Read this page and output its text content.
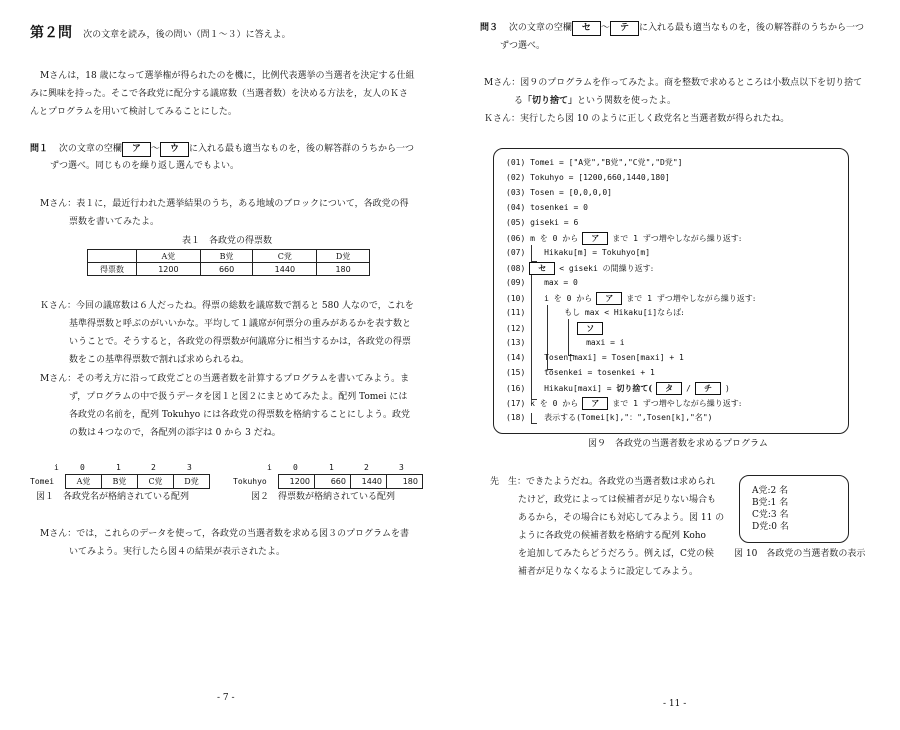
第２問 次の文章を読み，後の問い（問１～３）に答えよ。
Mさんは，18 歳になって選挙権が得られたのを機に，比例代表選挙の当選者を決定する仕組
みに興味を持った。そこで各政党に配分する議席数（当選者数）を決める方法を，友人のＫさ
んとプログラムを用いて検討してみることにした。
問１ 次の文章の空欄 ア ～ ウ に入れる最も適当なものを，後の解答群のうちから一つ
ずつ選べ。同じものを繰り返し選んでもよい。
Mさん：表１に，最近行われた選挙結果のうち，ある地域のブロックについて，各政党の得
票数を書いてみたよ。
表１　各政党の得票数
	A党	B党	C党	D党
得票数	1200	660	1440	180
Ｋさん：今回の議席数は６人だったね。得票の総数を議席数で割ると 580 人なので，これを
基準得票数と呼ぶのがいいかな。平均して１議席が何票分の重みがあるかを表す数と
いうことで。そうすると，各政党の得票数が何議席分に相当するかは，各政党の得票
数をこの基準得票数で割れば求められるね。
Mさん：その考え方に沿って政党ごとの当選者数を計算するプログラムを書いてみよう。ま
ず，プログラムの中で扱うデータを図１と図２にまとめてみたよ。配列 Tomei には
各政党の名前を，配列 Tokuhyo には各政党の得票数を格納することにしよう。政党
の数は４つなので，各配列の添字は 0 から 3 だね。
i	0	1	2	3
Tomei	A党	B党	C党	D党
図１　各政党名が格納されている配列
i	0	1	2	3
Tokuhyo	1200	660	1440	180
図２　得票数が格納されている配列
Mさん：では，これらのデータを使って，各政党の当選者数を求める図３のプログラムを書
いてみよう。実行したら図４の結果が表示されたよ。
- 7 -
問３ 次の文章の空欄 セ ～ テ に入れる最も適当なものを，後の解答群のうちから一つ
ずつ選べ。
Mさん：図９のプログラムを作ってみたよ。商を整数で求めるところは小数点以下を切り捨て
る「切り捨て」という関数を使ったよ。
Ｋさん：実行したら図 10 のように正しく政党名と当選者数が得られたね。
(01) Tomei = ["A党","B党","C党","D党"]
(02) Tokuhyo = [1200,660,1440,180]
(03) Tosen = [0,0,0,0]
(04) tosenkei = 0
(05) giseki = 6
(06) m を 0 から ア まで 1 ずつ増やしながら繰り返す:
(07) Hikaku[m] = Tokuhyo[m]
(08) セ < giseki の間繰り返す:
(09) max = 0
(10) i を 0 から ア まで 1 ずつ増やしながら繰り返す:
(11)	もし max < Hikaku[i]ならば:
(12)	ソ
(13)	maxi = i
(14) Tosen[maxi] = Tosen[maxi] + 1
(15) tosenkei = tosenkei + 1
(16) Hikaku[maxi] = 切り捨て( タ / チ )
(17) k を 0 から ア まで 1 ずつ増やしながら繰り返す:
(18) 表示する(Tomei[k],"：",Tosen[k],"名")
図９　各政党の当選者数を求めるプログラム
先　生：できたようだね。各政党の当選者数は求められ
たけど，政党によっては候補者が足りない場合も
あるから，その場合にも対応してみよう。図 11 の
ように各政党の候補者数を格納する配列 Koho
を追加してみたらどうだろう。例えば，C党の候
補者が足りなくなるように設定してみよう。
A党:2 名
B党:1 名
C党:3 名
D党:0 名
図 10　各政党の当選者数の表示
- 11 -
